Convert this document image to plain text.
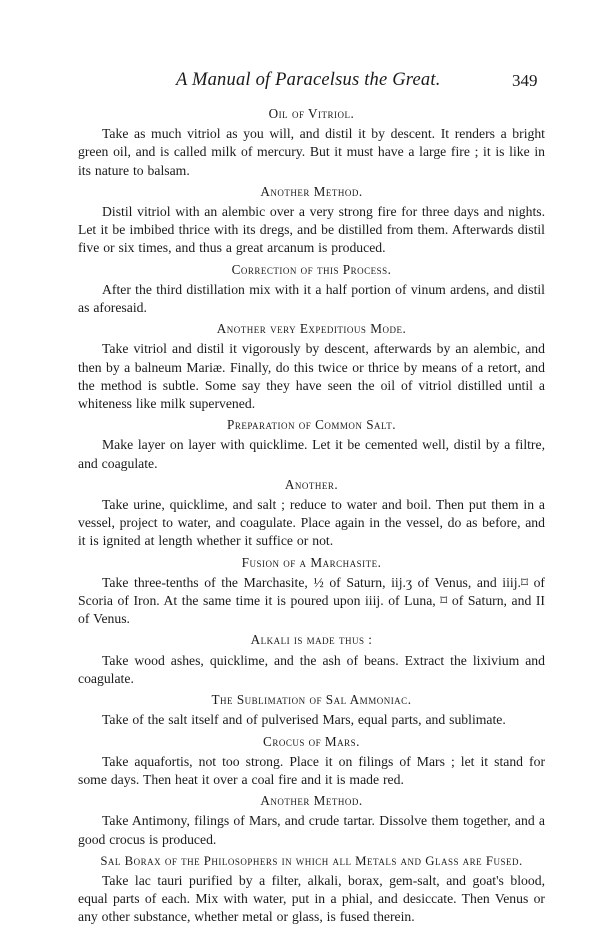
A Manual of Paracelsus the Great.	349
Oil of Vitriol.
Take as much vitriol as you will, and distil it by descent. It renders a bright green oil, and is called milk of mercury. But it must have a large fire ; it is like in its nature to balsam.
Another Method.
Distil vitriol with an alembic over a very strong fire for three days and nights. Let it be imbibed thrice with its dregs, and be distilled from them. Afterwards distil five or six times, and thus a great arcanum is produced.
Correction of this Process.
After the third distillation mix with it a half portion of vinum ardens, and distil as aforesaid.
Another very Expeditious Mode.
Take vitriol and distil it vigorously by descent, afterwards by an alembic, and then by a balneum Mariæ. Finally, do this twice or thrice by means of a retort, and the method is subtle. Some say they have seen the oil of vitriol distilled until a whiteness like milk supervened.
Preparation of Common Salt.
Make layer on layer with quicklime. Let it be cemented well, distil by a filtre, and coagulate.
Another.
Take urine, quicklime, and salt ; reduce to water and boil. Then put them in a vessel, project to water, and coagulate. Place again in the vessel, do as before, and it is ignited at length whether it suffice or not.
Fusion of a Marchasite.
Take three-tenths of the Marchasite, ½ of Saturn, iij.ʒ of Venus, and iiij.⌑ of Scoria of Iron. At the same time it is poured upon iiij. of Luna, ⌑ of Saturn, and II of Venus.
Alkali is made thus :
Take wood ashes, quicklime, and the ash of beans. Extract the lixivium and coagulate.
The Sublimation of Sal Ammoniac.
Take of the salt itself and of pulverised Mars, equal parts, and sublimate.
Crocus of Mars.
Take aquafortis, not too strong. Place it on filings of Mars ; let it stand for some days. Then heat it over a coal fire and it is made red.
Another Method.
Take Antimony, filings of Mars, and crude tartar. Dissolve them together, and a good crocus is produced.
Sal Borax of the Philosophers in which all Metals and Glass are Fused.
Take lac tauri purified by a filter, alkali, borax, gem-salt, and goat's blood, equal parts of each. Mix with water, put in a phial, and desiccate. Then Venus or any other substance, whether metal or glass, is fused therein.
